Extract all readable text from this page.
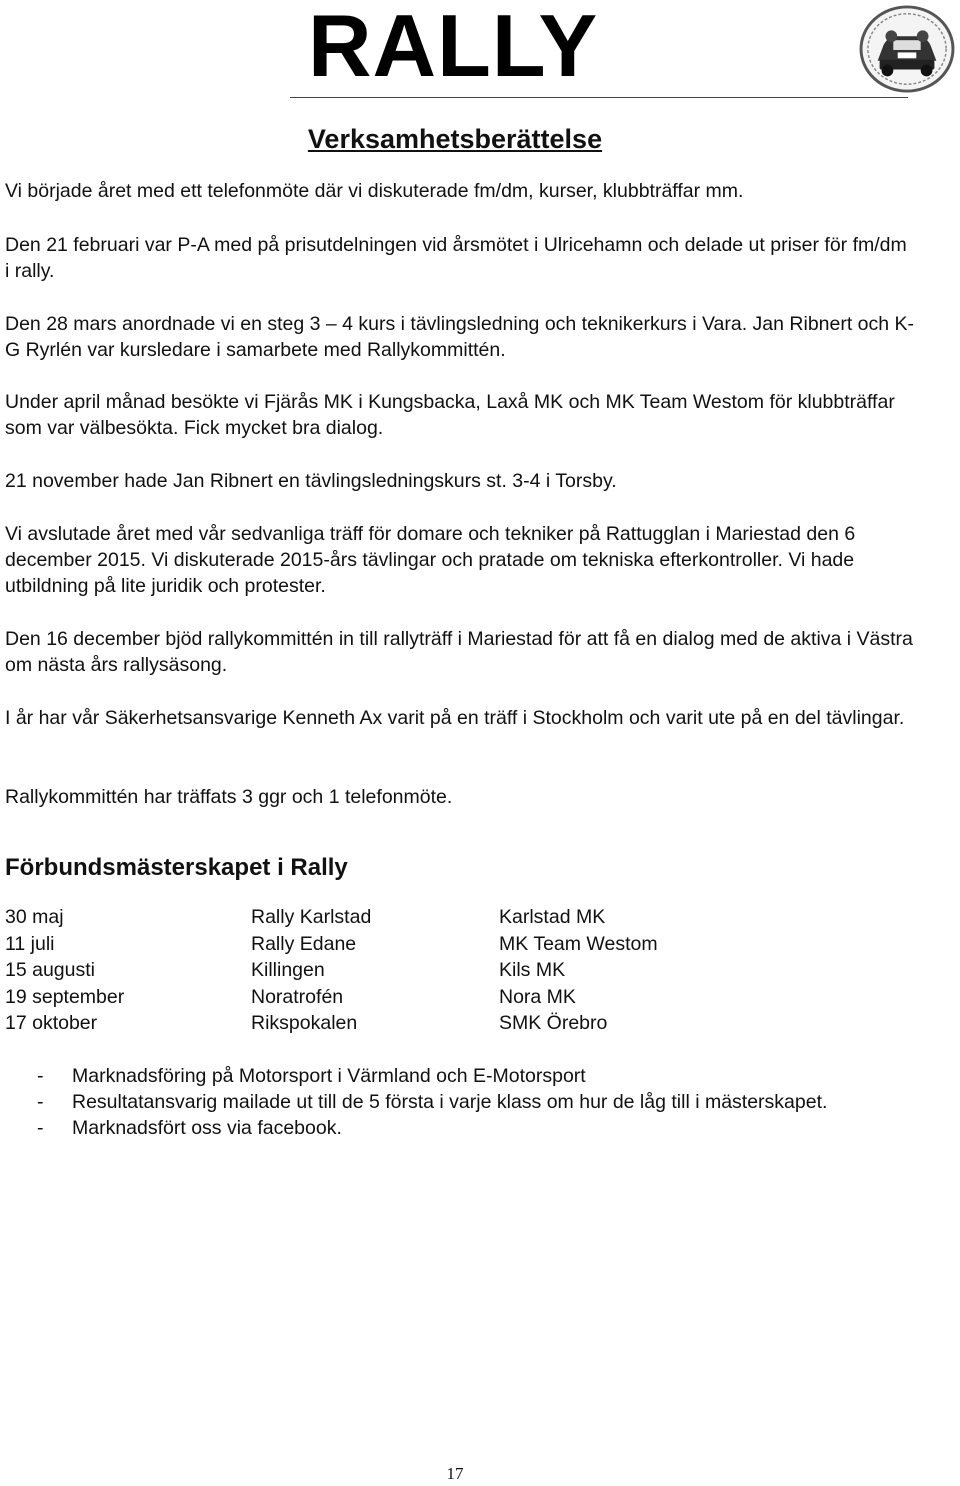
RALLY
Verksamhetsberättelse

Vi började året med ett telefonmöte där vi diskuterade fm/dm, kurser, klubbträffar mm.

Den 21 februari var P-A med på prisutdelningen vid årsmötet i Ulricehamn och delade ut priser för fm/dm i rally.

Den 28 mars anordnade vi en steg 3 – 4 kurs i tävlingsledning och teknikerkurs i Vara. Jan Ribnert och K-G Ryrlén var kursledare i samarbete med Rallykommittén.

Under april månad besökte vi Fjärås MK i Kungsbacka, Laxå MK och MK Team Westom för klubbträffar som var välbesökta. Fick mycket bra dialog.

21 november hade Jan Ribnert en tävlingsledningskurs st. 3-4 i Torsby.

Vi avslutade året med vår sedvanliga träff för domare och tekniker på Rattugglan i Mariestad den 6 december 2015. Vi diskuterade 2015-års tävlingar och pratade om tekniska efterkontroller. Vi hade utbildning på lite juridik och protester.

Den 16 december bjöd rallykommittén in till rallyträff i Mariestad för att få en dialog med de aktiva i Västra om nästa års rallysäsong.

I år har vår Säkerhetsansvarige Kenneth Ax varit på en träff i Stockholm och varit ute på en del tävlingar.

Rallykommittén har träffats 3 ggr och 1 telefonmöte.

Förbundsmästerskapet i Rally
30 maj	Rally Karlstad	Karlstad MK
11 juli	Rally Edane	MK Team Westom
15 augusti	Killingen	Kils MK
19 september	Noratrofén	Nora MK
17 oktober	Rikspokalen	SMK Örebro
- Marknadsföring på Motorsport i Värmland och E-Motorsport
- Resultatansvarig mailade ut till de 5 första i varje klass om hur de låg till i mästerskapet.
- Marknadsfört oss via facebook.
17
